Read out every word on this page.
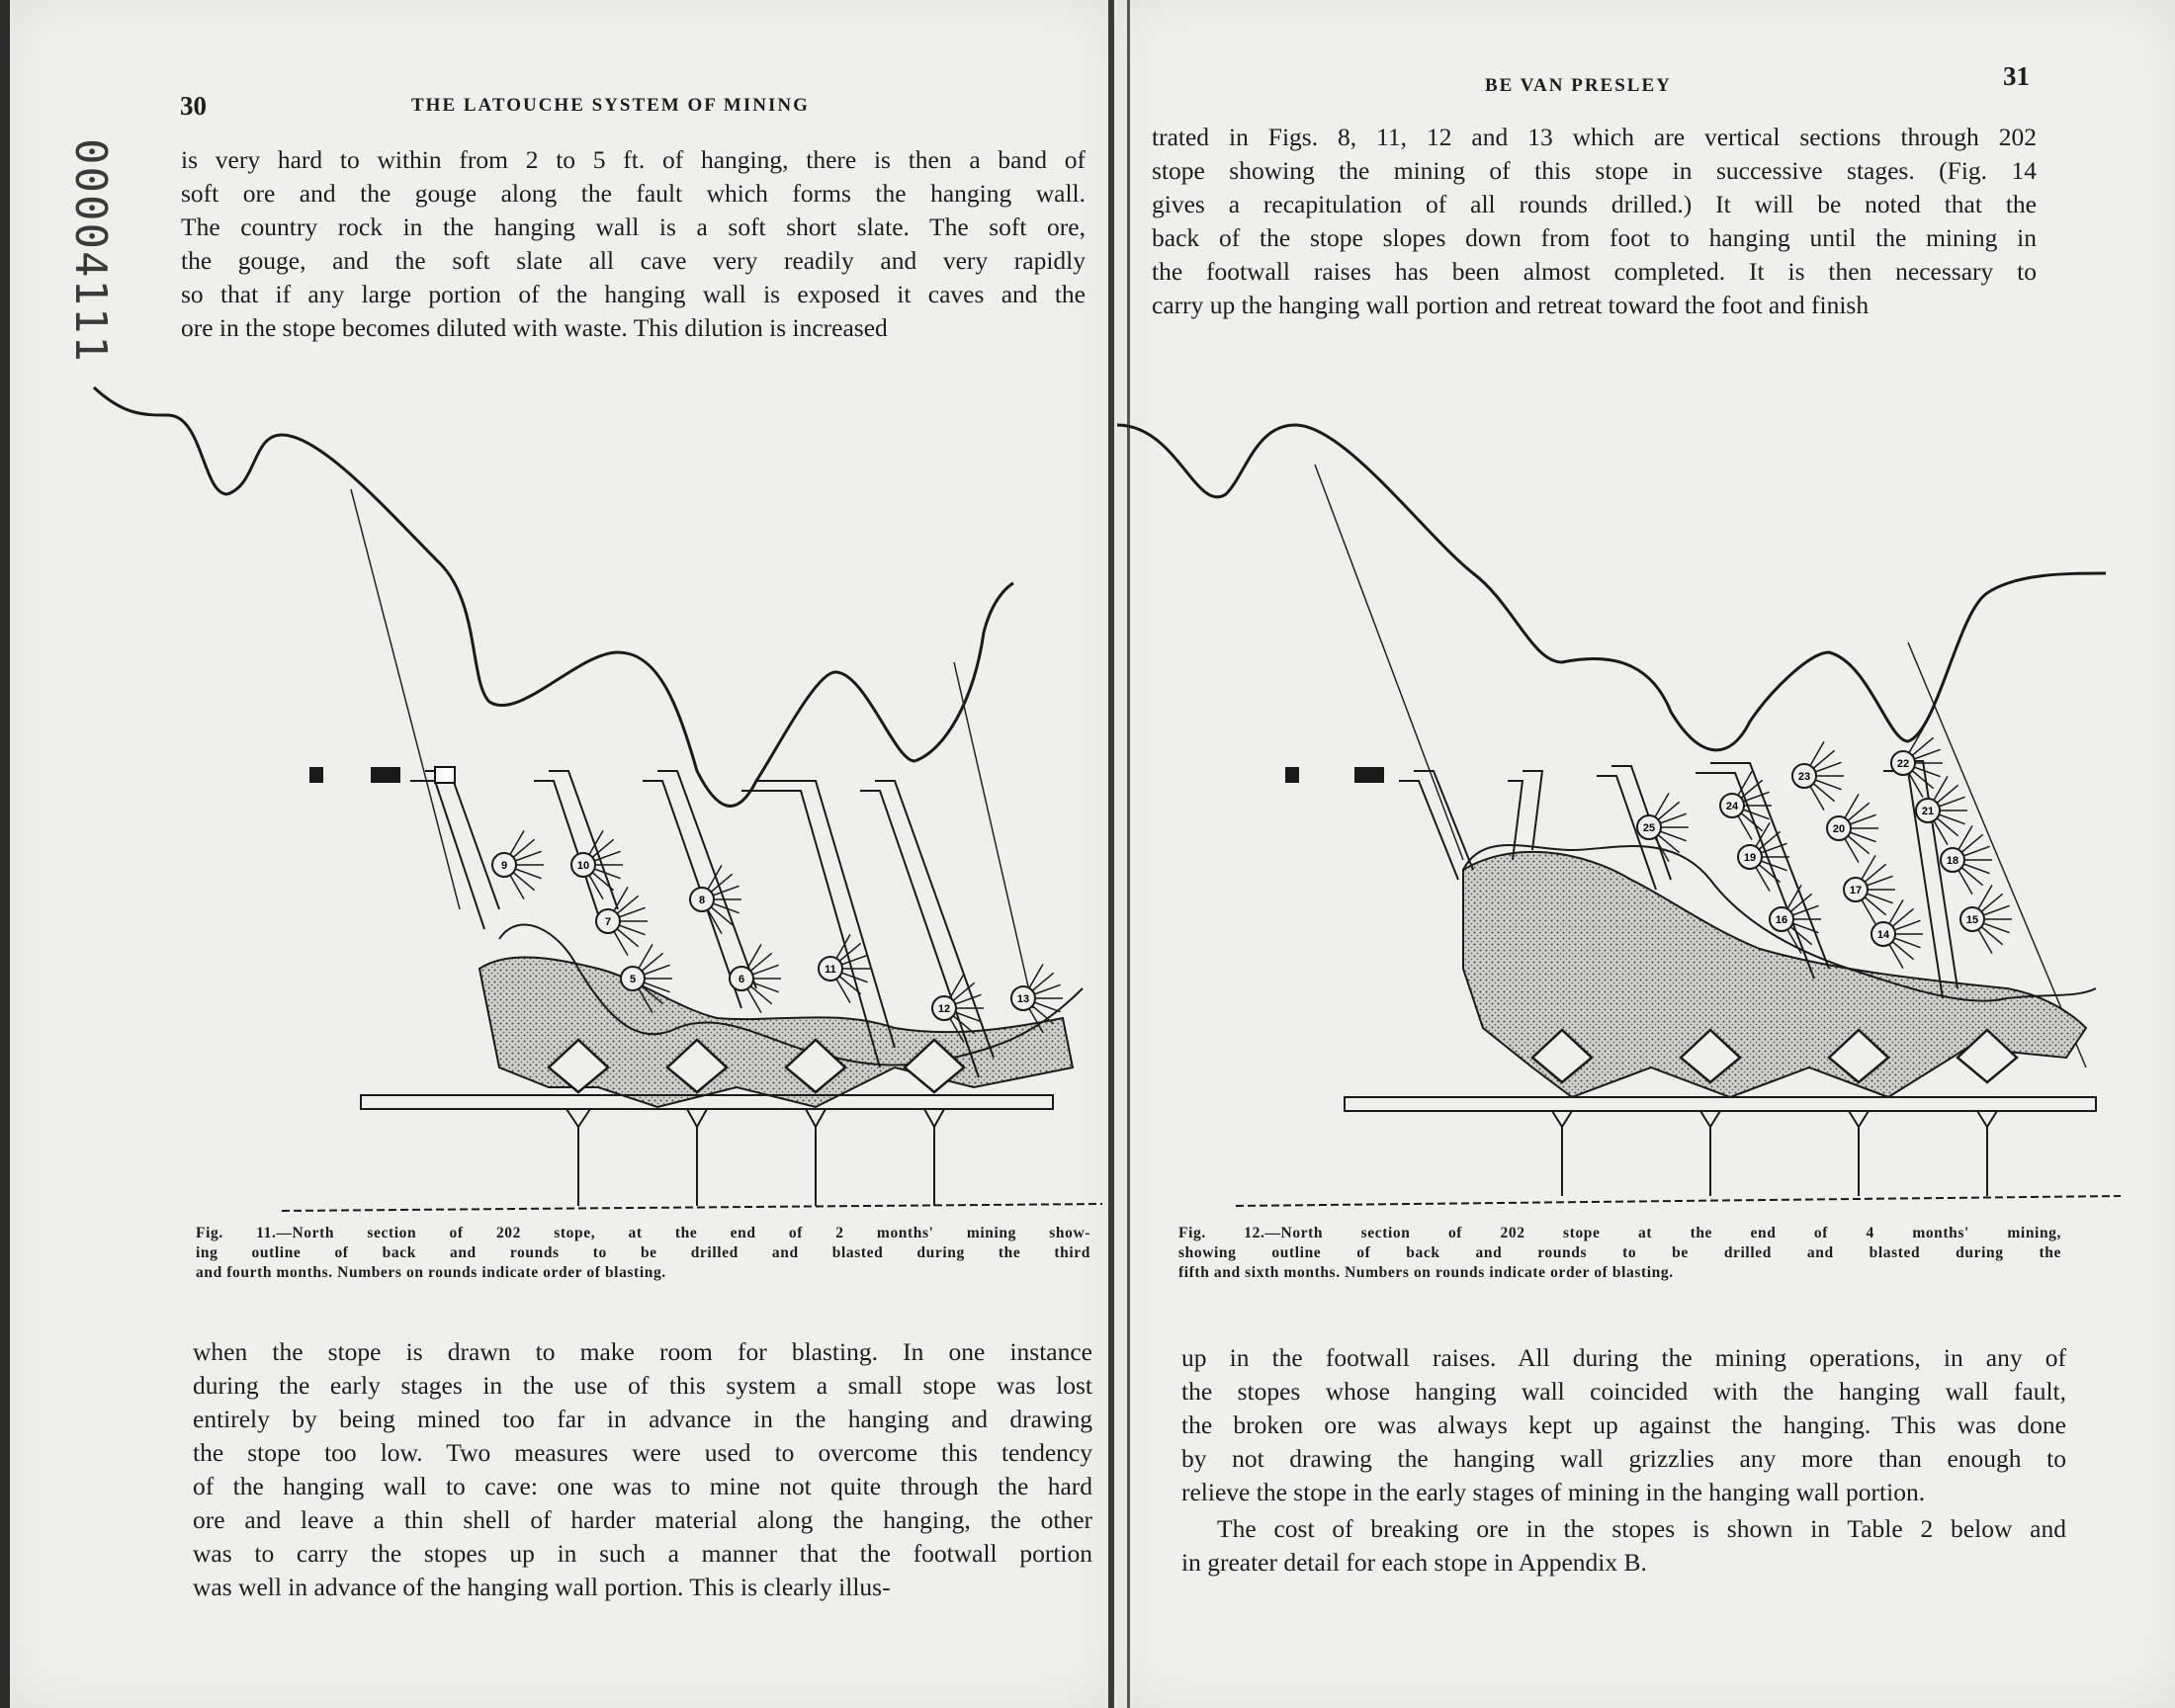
30	THE LATOUCHE SYSTEM OF MINING
00004111	is very hard to within from 2 to 5 ft. of hanging, there is then a band of
soft ore and the gouge along the fault which forms the hanging wall.
The country rock in the hanging wall is a soft short slate. The soft ore,
the gouge, and the soft slate all cave very readily and very rapidly
so that if any large portion of the hanging wall is exposed it caves and the
ore in the stope becomes diluted with waste. This dilution is increased
9	10
7
8
5	6
11
12
13
Fig. 11.—North section of 202 stope, at the end of 2 months' mining show-
ing outline of back and rounds to be drilled and blasted during the third
and fourth months. Numbers on rounds indicate order of blasting.
when the stope is drawn to make room for blasting. In one instance
during the early stages in the use of this system a small stope was lost
entirely by being mined too far in advance in the hanging and drawing
the stope too low. Two measures were used to overcome this tendency
of the hanging wall to cave: one was to mine not quite through the hard
ore and leave a thin shell of harder material along the hanging, the other
was to carry the stopes up in such a manner that the footwall portion
was well in advance of the hanging wall portion. This is clearly illus-
BE VAN PRESLEY	31
trated in Figs. 8, 11, 12 and 13 which are vertical sections through 202
stope showing the mining of this stope in successive stages. (Fig. 14
gives a recapitulation of all rounds drilled.) It will be noted that the
back of the stope slopes down from foot to hanging until the mining in
the footwall raises has been almost completed. It is then necessary to
carry up the hanging wall portion and retreat toward the foot and finish
22
23
24
25
19
20
21
18
16
17
14
15
Fig. 12.—North section of 202 stope at the end of 4 months' mining,
showing outline of back and rounds to be drilled and blasted during the
fifth and sixth months. Numbers on rounds indicate order of blasting.
up in the footwall raises. All during the mining operations, in any of
the stopes whose hanging wall coincided with the hanging wall fault,
the broken ore was always kept up against the hanging. This was done
by not drawing the hanging wall grizzlies any more than enough to
relieve the stope in the early stages of mining in the hanging wall portion.
The cost of breaking ore in the stopes is shown in Table 2 below and
in greater detail for each stope in Appendix B.
